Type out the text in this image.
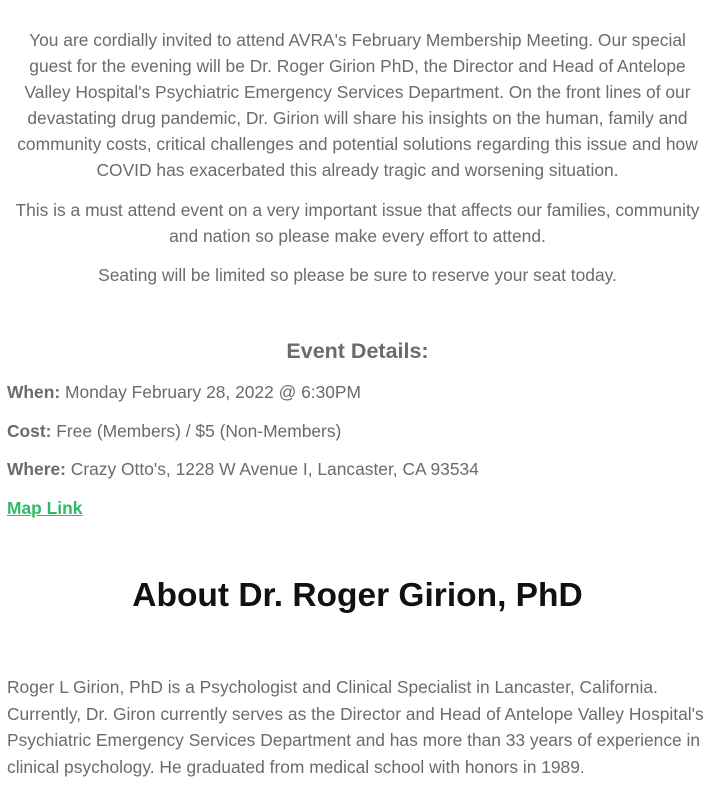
You are cordially invited to attend AVRA's February Membership Meeting. Our special guest for the evening will be Dr. Roger Girion PhD, the Director and Head of Antelope Valley Hospital's Psychiatric Emergency Services Department. On the front lines of our devastating drug pandemic, Dr. Girion will share his insights on the human, family and community costs, critical challenges and potential solutions regarding this issue and how COVID has exacerbated this already tragic and worsening situation.

This is a must attend event on a very important issue that affects our families, community and nation so please make every effort to attend.

Seating will be limited so please be sure to reserve your seat today.

Event Details:

When: Monday February 28, 2022 @ 6:30PM

Cost: Free (Members) / $5 (Non-Members)

Where: Crazy Otto's, 1228 W Avenue I, Lancaster, CA 93534

Map Link
About Dr. Roger Girion, PhD

Roger L Girion, PhD is a Psychologist and Clinical Specialist in Lancaster, California. Currently, Dr. Giron currently serves as the Director and Head of Antelope Valley Hospital's Psychiatric Emergency Services Department and has more than 33 years of experience in clinical psychology. He graduated from medical school with honors in 1989.
